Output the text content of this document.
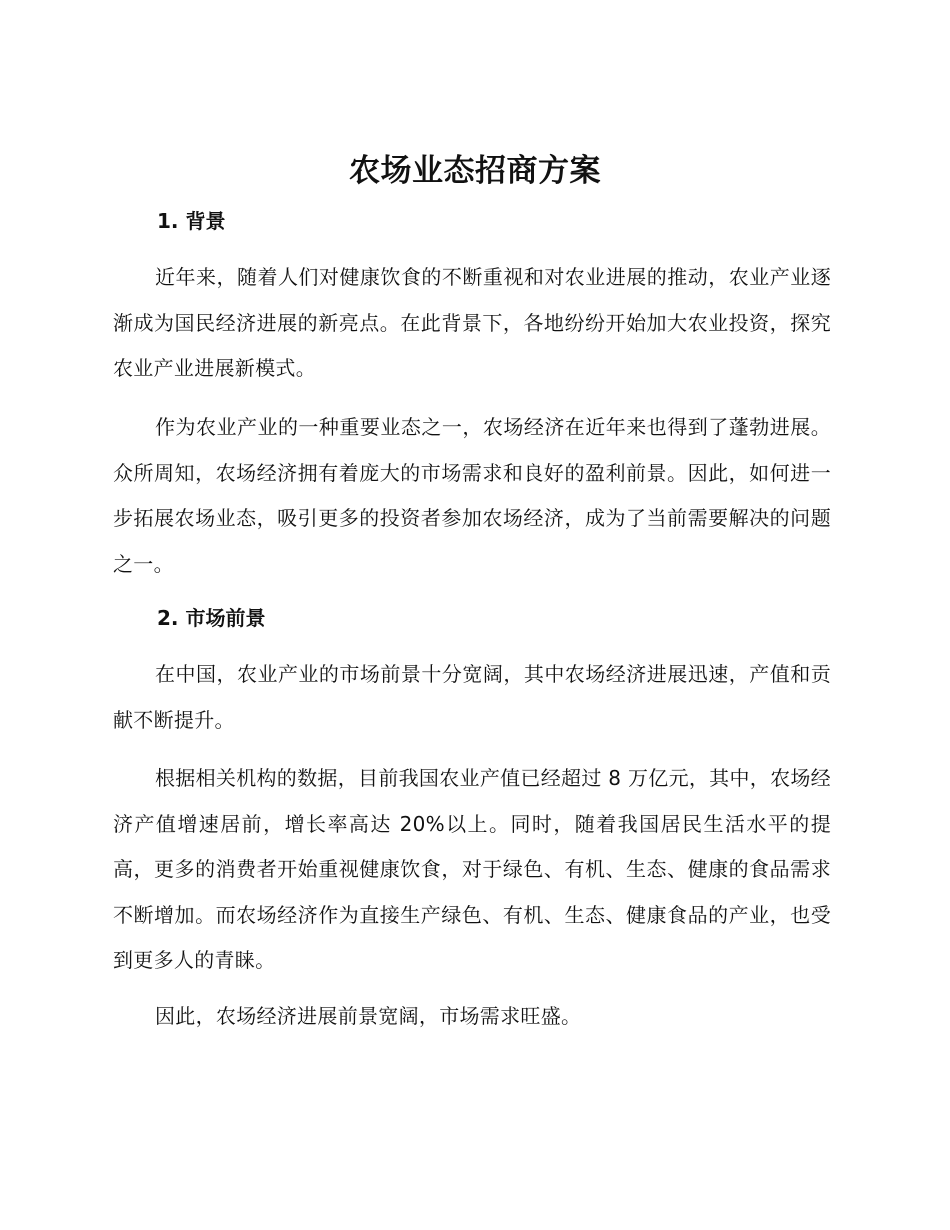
农场业态招商方案
1. 背景

近年来，随着人们对健康饮食的不断重视和对农业进展的推动，农业产业逐渐成为国民经济进展的新亮点。在此背景下，各地纷纷开始加大农业投资，探究农业产业进展新模式。

作为农业产业的一种重要业态之一，农场经济在近年来也得到了蓬勃进展。众所周知，农场经济拥有着庞大的市场需求和良好的盈利前景。因此，如何进一步拓展农场业态，吸引更多的投资者参加农场经济，成为了当前需要解决的问题之一。

2. 市场前景

在中国，农业产业的市场前景十分宽阔，其中农场经济进展迅速，产值和贡献不断提升。

根据相关机构的数据，目前我国农业产值已经超过 8 万亿元，其中，农场经济产值增速居前，增长率高达 20%以上。同时，随着我国居民生活水平的提高，更多的消费者开始重视健康饮食，对于绿色、有机、生态、健康的食品需求不断增加。而农场经济作为直接生产绿色、有机、生态、健康食品的产业，也受到更多人的青睐。

因此，农场经济进展前景宽阔，市场需求旺盛。
